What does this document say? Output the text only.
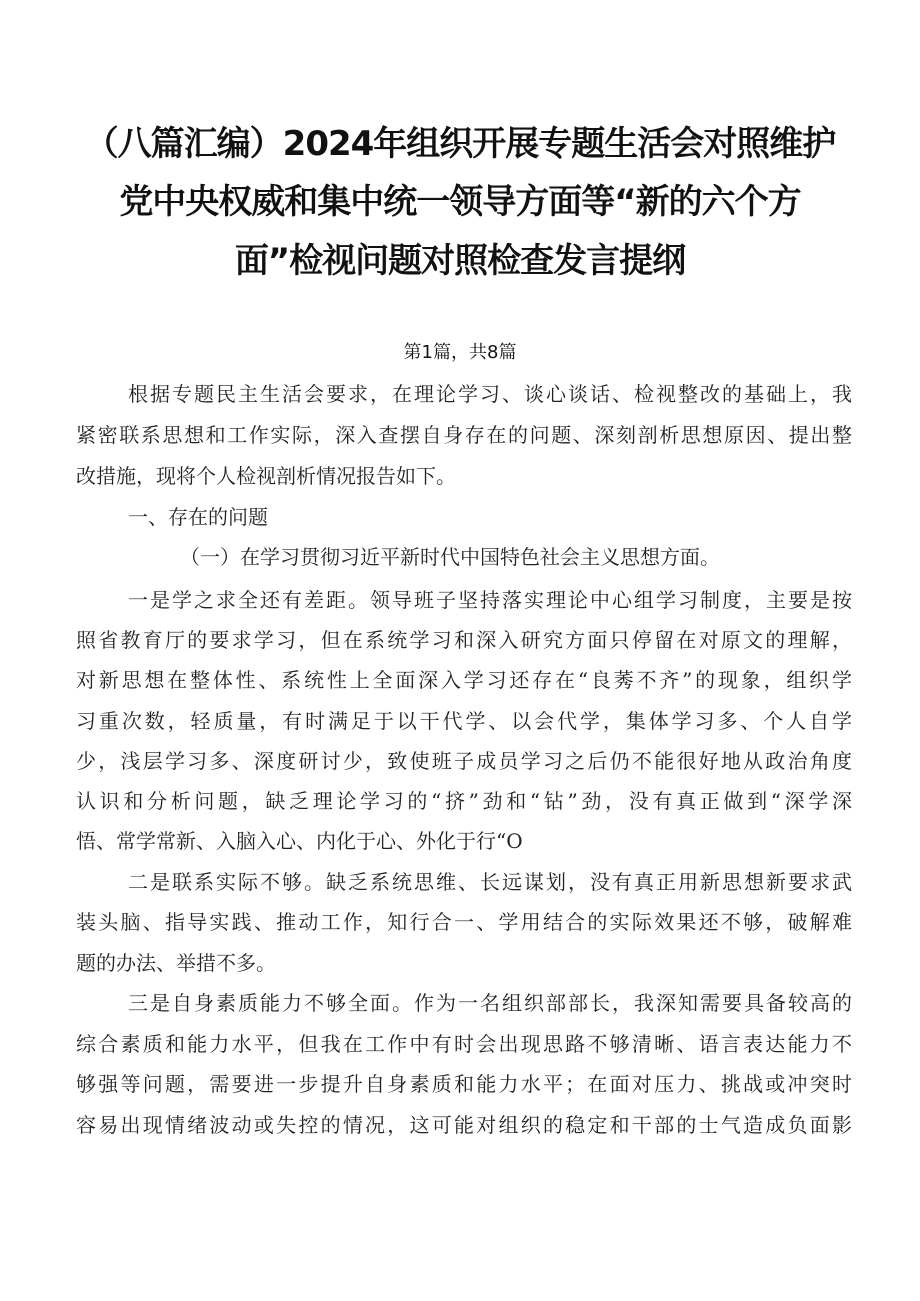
（八篇汇编）2024年组织开展专题生活会对照维护
党中央权威和集中统一领导方面等“新的六个方
面”检视问题对照检查发言提纲
第1篇，共8篇
根据专题民主生活会要求，在理论学习、谈心谈话、检视整改的基础上，我
紧密联系思想和工作实际，深入查摆自身存在的问题、深刻剖析思想原因、提出整
改措施，现将个人检视剖析情况报告如下。
一、存在的问题
（一）在学习贯彻习近平新时代中国特色社会主义思想方面。
一是学之求全还有差距。领导班子坚持落实理论中心组学习制度，主要是按
照省教育厅的要求学习，但在系统学习和深入研究方面只停留在对原文的理解，
对新思想在整体性、系统性上全面深入学习还存在“良莠不齐”的现象，组织学
习重次数，轻质量，有时满足于以干代学、以会代学，集体学习多、个人自学
少，浅层学习多、深度研讨少，致使班子成员学习之后仍不能很好地从政治角度
认识和分析问题，缺乏理论学习的“挤”劲和“钻”劲，没有真正做到“深学深
悟、常学常新、入脑入心、内化于心、外化于行“O
二是联系实际不够。缺乏系统思维、长远谋划，没有真正用新思想新要求武
装头脑、指导实践、推动工作，知行合一、学用结合的实际效果还不够，破解难
题的办法、举措不多。
三是自身素质能力不够全面。作为一名组织部部长，我深知需要具备较高的
综合素质和能力水平，但我在工作中有时会出现思路不够清晰、语言表达能力不
够强等问题，需要进一步提升自身素质和能力水平；在面对压力、挑战或冲突时
容易出现情绪波动或失控的情况，这可能对组织的稳定和干部的士气造成负面影
